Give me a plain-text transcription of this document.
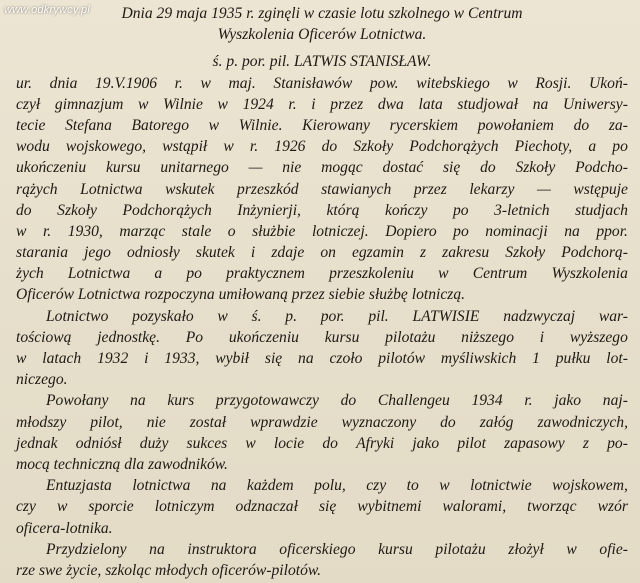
www.odkrywcy.pl	Dnia 29 maja 1935 r. zginęli w czasie lotu szkolnego w Centrum
Wyszkolenia Oficerów Lotnictwa.
ś. p. por. pil. LATWIS STANISŁAW.
ur. dnia 19.V.1906 r. w maj. Stanisławów pow. witebskiego w Rosji. Ukoń-
czył gimnazjum w Wilnie w 1924 r. i przez dwa lata studjował na Uniwersy-
tecie Stefana Batorego w Wilnie. Kierowany rycerskiem powołaniem do za-
wodu wojskowego, wstąpił w r. 1926 do Szkoły Podchorążych Piechoty, a po
ukończeniu kursu unitarnego — nie mogąc dostać się do Szkoły Podcho-
rążych Lotnictwa wskutek przeszkód stawianych przez lekarzy — wstępuje
do Szkoły Podchorążych Inżynierji, którą kończy po 3-letnich studjach
w r. 1930, marząc stale o służbie lotniczej. Dopiero po nominacji na ppor.
starania jego odniosły skutek i zdaje on egzamin z zakresu Szkoły Podchorą-
żych Lotnictwa a po praktycznem przeszkoleniu w Centrum Wyszkolenia
Oficerów Lotnictwa rozpoczyna umiłowaną przez siebie służbę lotniczą.
Lotnictwo pozyskało w ś. p. por. pil. LATWISIE nadzwyczaj war-
tościową jednostkę. Po ukończeniu kursu pilotażu niższego i wyższego
w latach 1932 i 1933, wybił się na czoło pilotów myśliwskich 1 pułku lot-
niczego.
Powołany na kurs przygotowawczy do Challengeu 1934 r. jako naj-
młodszy pilot, nie został wprawdzie wyznaczony do załóg zawodniczych,
jednak odniósł duży sukces w locie do Afryki jako pilot zapasowy z po-
mocą techniczną dla zawodników.
Entuzjasta lotnictwa na każdem polu, czy to w lotnictwie wojskowem,
czy w sporcie lotniczym odznaczał się wybitnemi walorami, tworząc wzór
oficera-lotnika.
Przydzielony na instruktora oficerskiego kursu pilotażu złożył w ofie-
rze swe życie, szkoląc młodych oficerów-pilotów.
